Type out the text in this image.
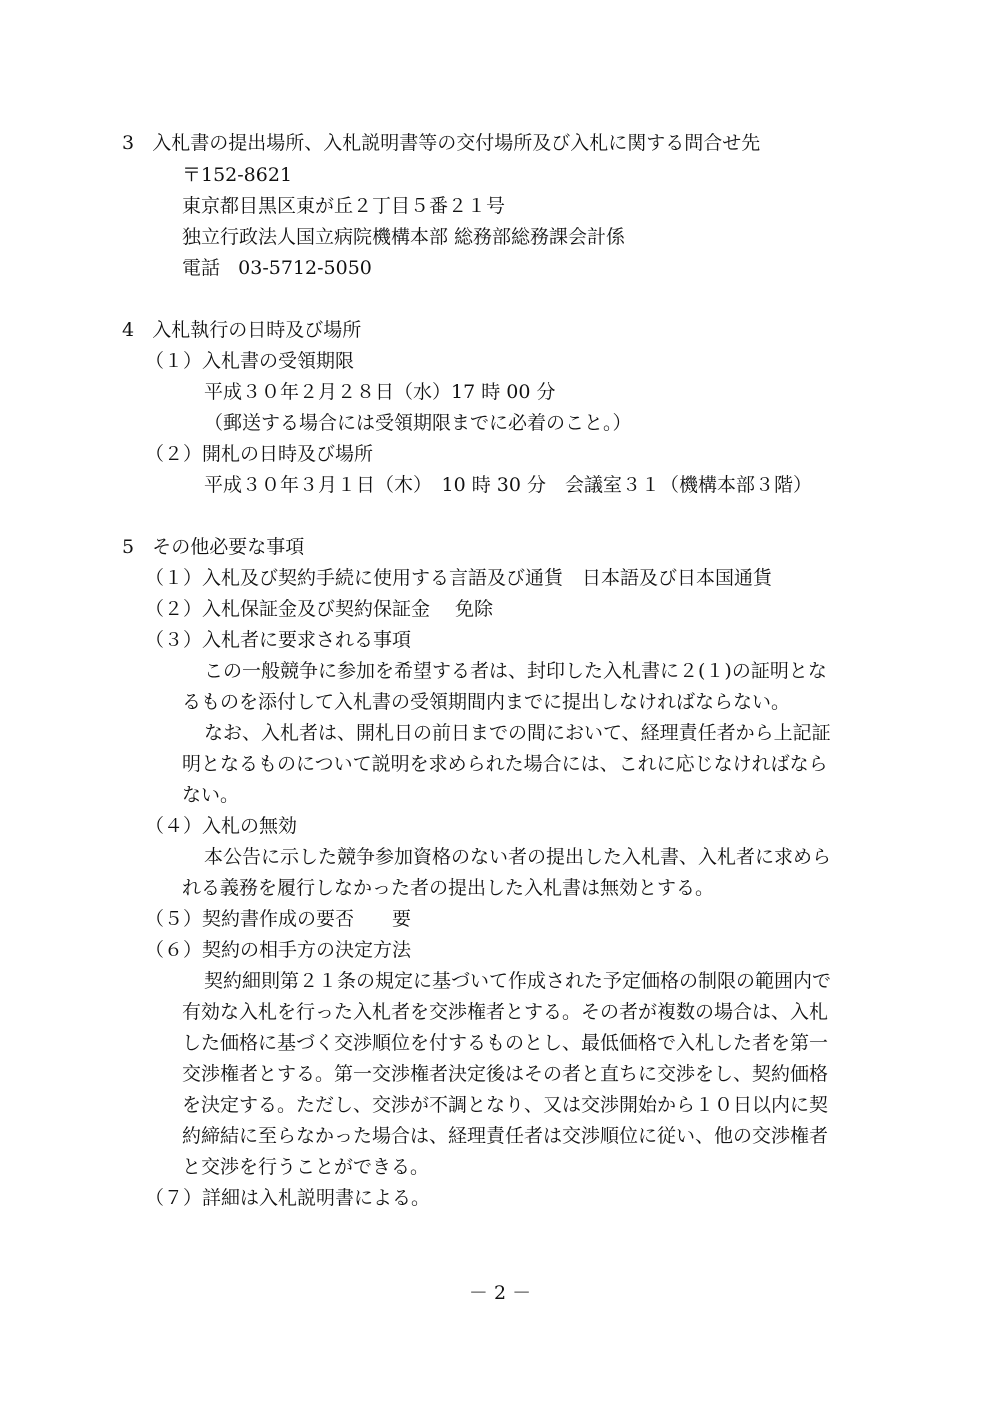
3 入札書の提出場所、入札説明書等の交付場所及び入札に関する問合せ先
〒152-8621
東京都目黒区東が丘２丁目５番２１号
独立行政法人国立病院機構本部 総務部総務課会計係
電話 03-5712-5050
4 入札執行の日時及び場所
（１）入札書の受領期限
平成３０年２月２８日（水）17 時 00 分
（郵送する場合には受領期限までに必着のこと。）
（２）開札の日時及び場所
平成３０年３月１日（木）　10 時 30 分　会議室３１（機構本部３階）
5 その他必要な事項
（１）入札及び契約手続に使用する言語及び通貨　日本語及び日本国通貨
（２）入札保証金及び契約保証金　 免除
（３）入札者に要求される事項
この一般競争に参加を希望する者は、封印した入札書に２(１)の証明とな
るものを添付して入札書の受領期間内までに提出しなければならない。
なお、入札者は、開札日の前日までの間において、経理責任者から上記証
明となるものについて説明を求められた場合には、これに応じなければなら
ない。
（４）入札の無効
本公告に示した競争参加資格のない者の提出した入札書、入札者に求めら
れる義務を履行しなかった者の提出した入札書は無効とする。
（５）契約書作成の要否　　要
（６）契約の相手方の決定方法
契約細則第２１条の規定に基づいて作成された予定価格の制限の範囲内で
有効な入札を行った入札者を交渉権者とする。その者が複数の場合は、入札
した価格に基づく交渉順位を付するものとし、最低価格で入札した者を第一
交渉権者とする。第一交渉権者決定後はその者と直ちに交渉をし、契約価格
を決定する。ただし、交渉が不調となり、又は交渉開始から１０日以内に契
約締結に至らなかった場合は、経理責任者は交渉順位に従い、他の交渉権者
と交渉を行うことができる。
（７）詳細は入札説明書による。
－ 2 －
